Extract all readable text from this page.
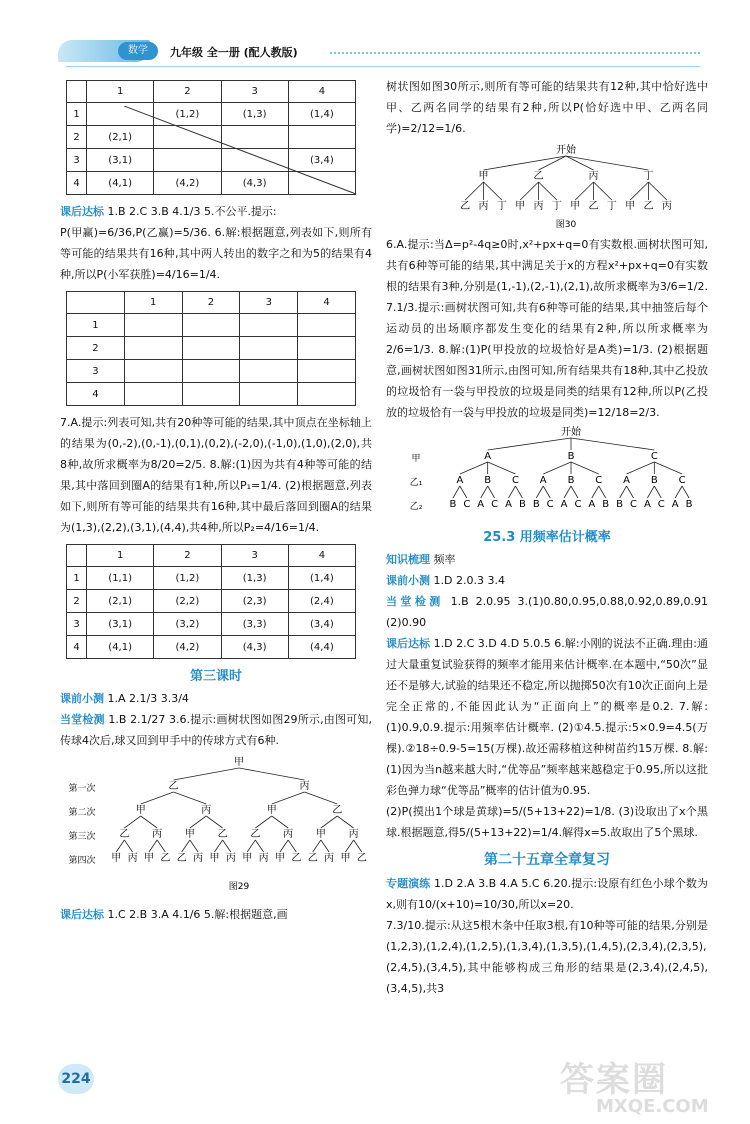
数学	九年级 全一册 (配人教版)
	1	2	3	4
1		(1,2)	(1,3)	(1,4)
2	(2,1)			
3	(3,1)			(3,4)
4	(4,1)	(4,2)	(4,3)	

课后达标 1.B 2.C 3.B 4.1/3 5.不公平.提示:

P(甲赢)=6/36,P(乙赢)=5/36. 6.解:根据题意,列表如下,则所有等可能的结果共有16种,其中两人转出的数字之和为5的结果有4种,所以P(小军获胜)=4/16=1/4.

	1	2	3	4
1				
2				
3				
4				

7.A.提示:列表可知,共有20种等可能的结果,其中顶点在坐标轴上的结果为(0,-2),(0,-1),(0,1),(0,2),(-2,0),(-1,0),(1,0),(2,0),共8种,故所求概率为8/20=2/5. 8.解:(1)因为共有4种等可能的结果,其中落回到圈A的结果有1种,所以P₁=1/4. (2)根据题意,列表如下,则所有等可能的结果共有16种,其中最后落回到圈A的结果为(1,3),(2,2),(3,1),(4,4),共4种,所以P₂=4/16=1/4.

	1	2	3	4
1	(1,1)	(1,2)	(1,3)	(1,4)
2	(2,1)	(2,2)	(2,3)	(2,4)
3	(3,1)	(3,2)	(3,3)	(3,4)
4	(4,1)	(4,2)	(4,3)	(4,4)
第三课时

课前小测 1.A 2.1/3 3.3/4

当堂检测 1.B 2.1/27 3.6.提示:画树状图如图29所示,由图可知,传球4次后,球又回到甲手中的传球方式有6种.

第一次
第二次
第三次
第四次
甲
乙	丙
甲	丙	甲	乙
乙 丙 甲 乙 乙 丙 甲 丙
甲 丙 甲 乙 乙 丙 甲 丙 甲 丙 甲 乙 乙 丙 甲 乙
图29

课后达标 1.C 2.B 3.A 4.1/6 5.解:根据题意,画

树状图如图30所示,则所有等可能的结果共有12种,其中恰好选中甲、乙两名同学的结果有2种,所以P(恰好选中甲、乙两名同学)=2/12=1/6.

开始
甲	乙	丙	丁
乙 丙 丁 甲 丙 丁 甲 乙 丁 甲 乙 丙
图30

6.A.提示:当Δ=p²-4q≥0时,x²+px+q=0有实数根.画树状图可知,共有6种等可能的结果,其中满足关于x的方程x²+px+q=0有实数根的结果有3种,分别是(1,-1),(2,-1),(2,1),故所求概率为3/6=1/2. 7.1/3.提示:画树状图可知,共有6种等可能的结果,其中抽签后每个运动员的出场顺序都发生变化的结果有2种,所以所求概率为2/6=1/3. 8.解:(1)P(甲投放的垃圾恰好是A类)=1/3. (2)根据题意,画树状图如图31所示,由图可知,所有结果共有18种,其中乙投放的垃圾恰有一袋与甲投放的垃圾是同类的结果有12种,所以P(乙投放的垃圾恰有一袋与甲投放的垃圾是同类)=12/18=2/3.

甲
乙₁
乙₂
开始
A	B	C
A B C A B C A B C
B C A C A B B C A C A B B C A C A B
25.3 用频率估计概率

知识梳理 频率

课前小测 1.D 2.0.3 3.4

当堂检测 1.B 2.0.95 3.(1)0.80,0.95,0.88,0.92,0.89,0.91 (2)0.90

课后达标 1.D 2.C 3.D 4.D 5.0.5 6.解:小刚的说法不正确.理由:通过大量重复试验获得的频率才能用来估计概率.在本题中,“50次”显还不是够大,试验的结果还不稳定,所以抛掷50次有10次正面向上是完全正常的,不能因此认为“正面向上”的概率是0.2. 7.解:(1)0.9,0.9.提示:用频率估计概率. (2)①4.5.提示:5×0.9=4.5(万棵).②18÷0.9-5=15(万棵).故还需移植这种树苗约15万棵. 8.解:(1)因为当n越来越大时,“优等品”频率越来越稳定于0.95,所以这批彩色弹力球“优等品”概率的估计值为0.95.

(2)P(摸出1个球是黄球)=5/(5+13+22)=1/8. (3)设取出了x个黑球.根据题意,得5/(5+13+22)=1/4.解得x=5.故取出了5个黑球.

第二十五章全章复习

专题演练 1.D 2.A 3.B 4.A 5.C 6.20.提示:设原有红色小球个数为x,则有10/(x+10)=10/30,所以x=20.

7.3/10.提示:从这5根木条中任取3根,有10种等可能的结果,分别是(1,2,3),(1,2,4),(1,2,5),(1,3,4),(1,3,5),(1,4,5),(2,3,4),(2,3,5),(2,4,5),(3,4,5),其中能够构成三角形的结果是(2,3,4),(2,4,5),(3,4,5),共3

224	答案圈
MXQE.COM
